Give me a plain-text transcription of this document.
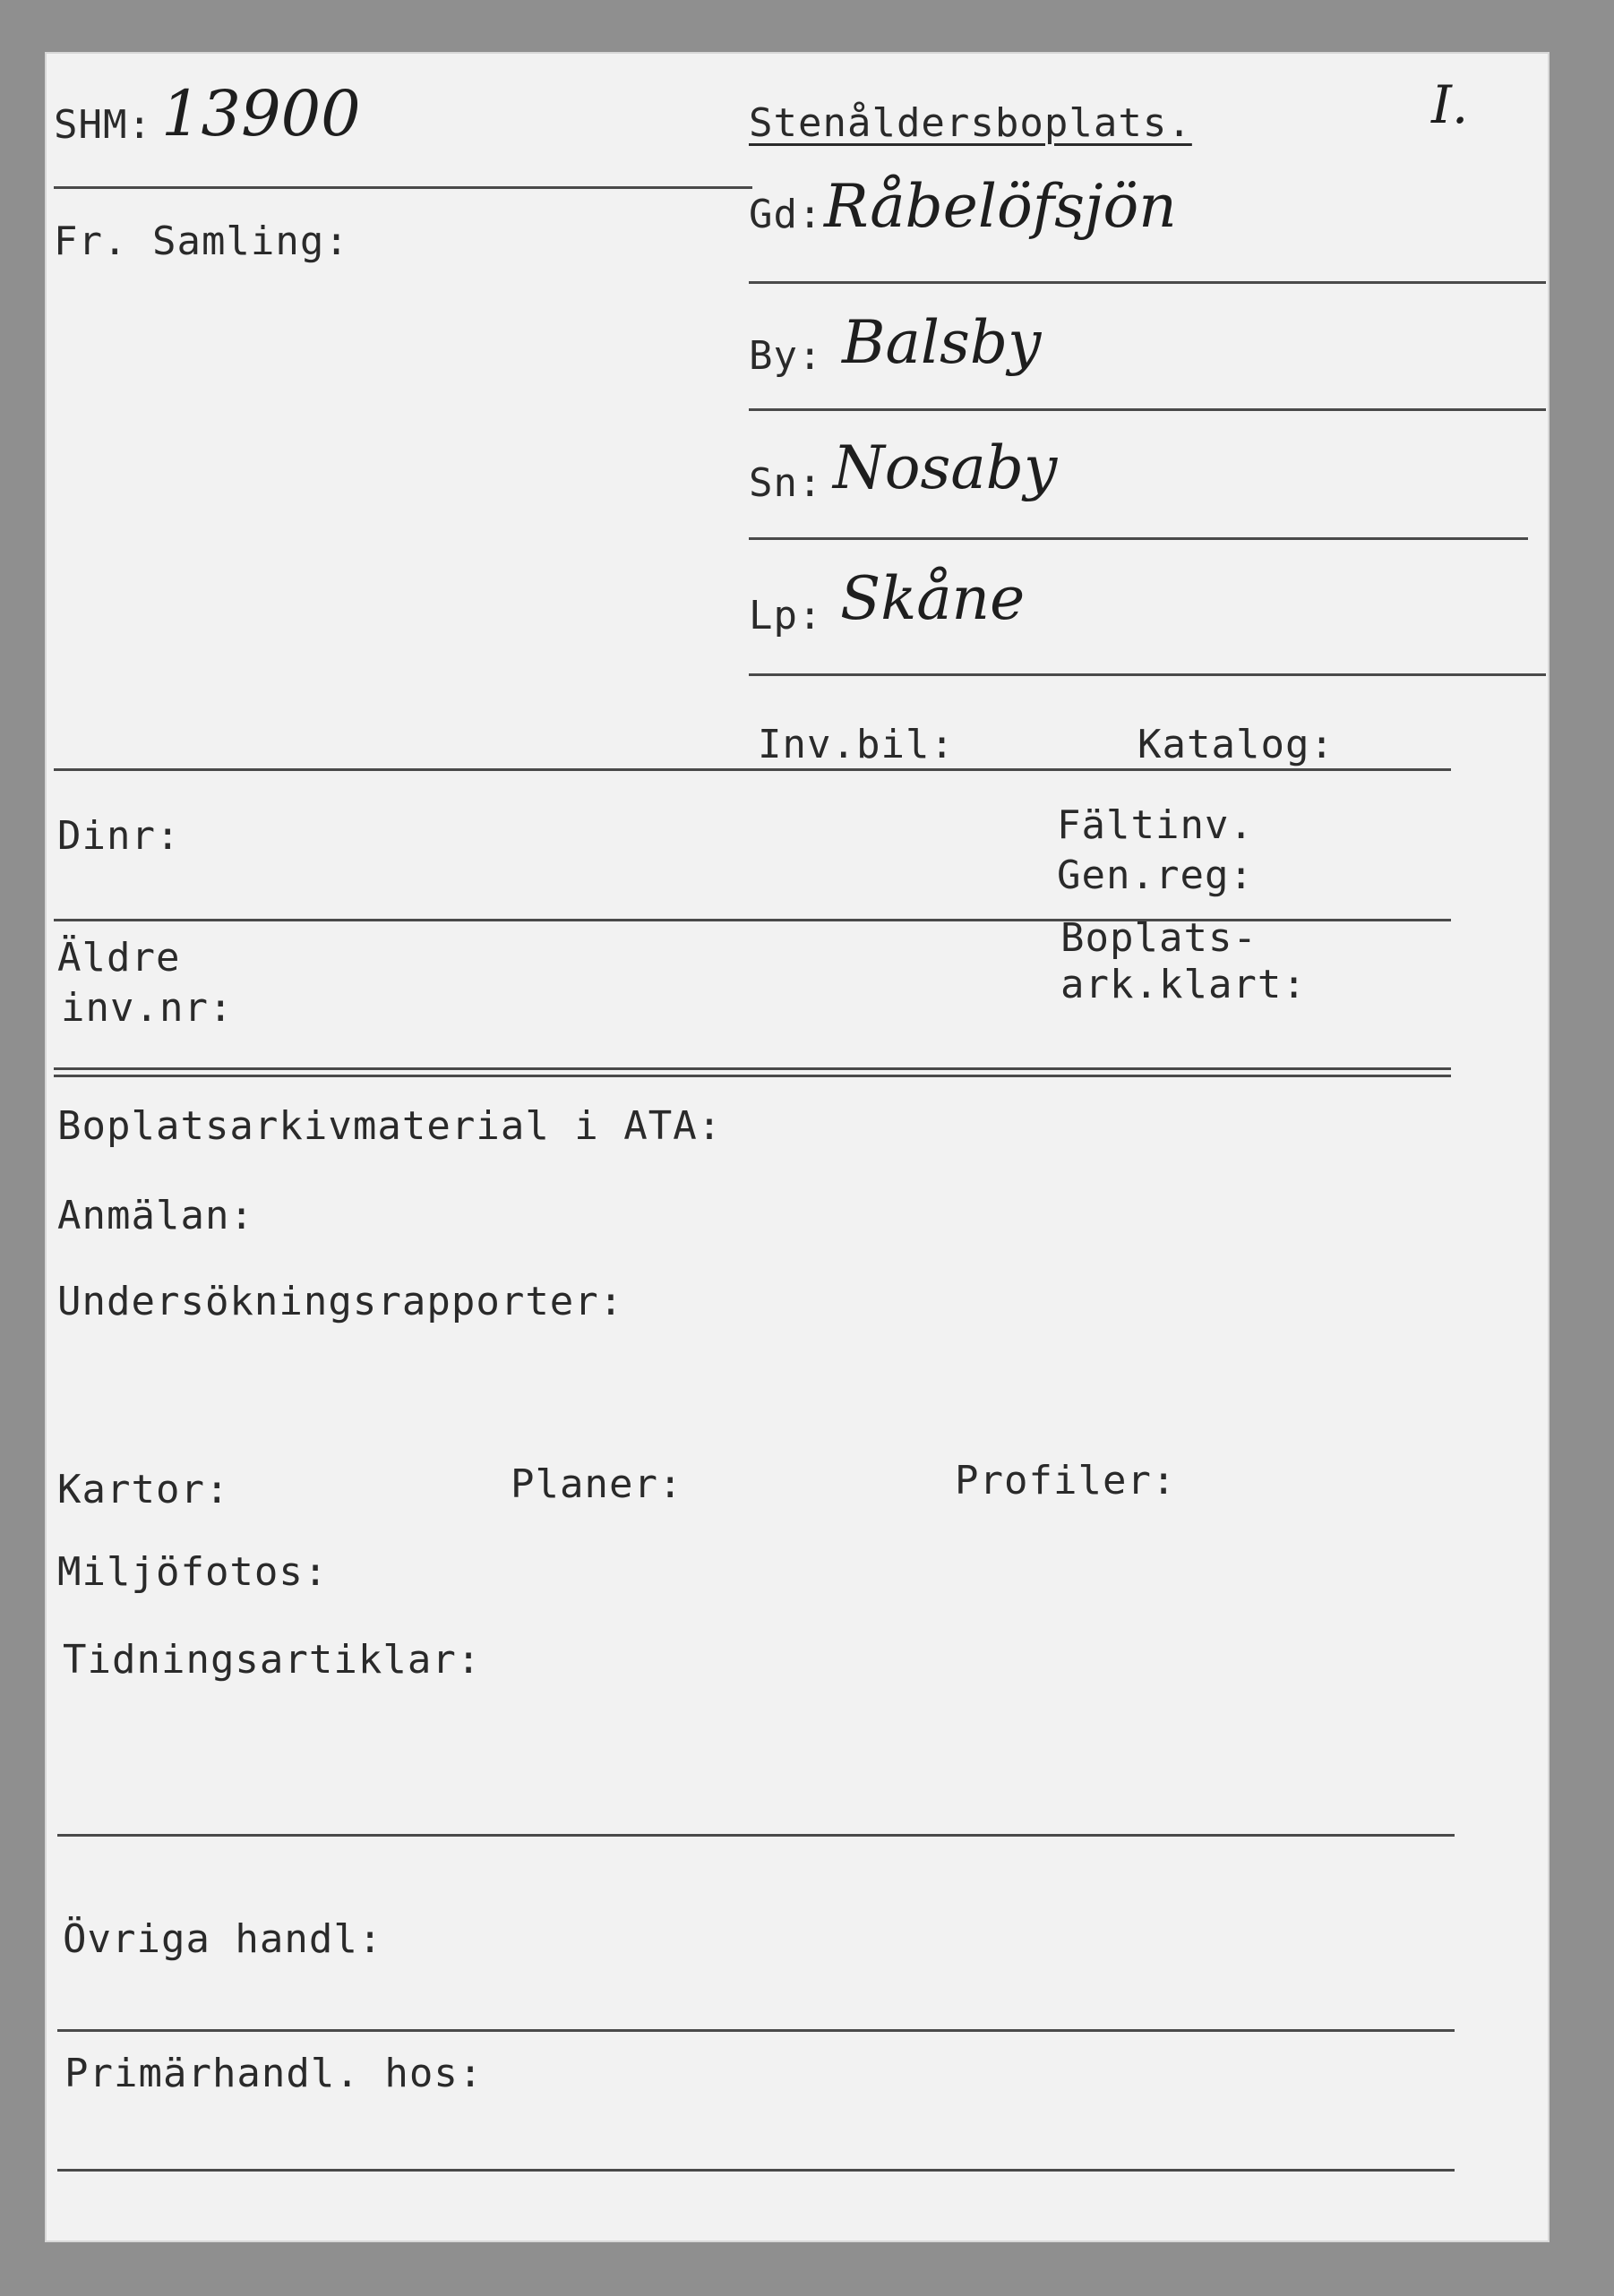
SHM: 13900	Stenåldersboplats.	I.
Fr. Samling:
Gd: Råbelöfsjön
By: Balsby
Sn: Nosaby
Lp: Skåne
Inv.bil:	Katalog:
Dinr:	Fältinv.
Gen.reg:
Äldre
inv.nr:
Boplats-
ark.klart:
Boplatsarkivmaterial i ATA:
Anmälan:
Undersökningsrapporter:
Kartor:	Planer:	Profiler:
Miljöfotos:
Tidningsartiklar:
Övriga handl:
Primärhandl. hos:
